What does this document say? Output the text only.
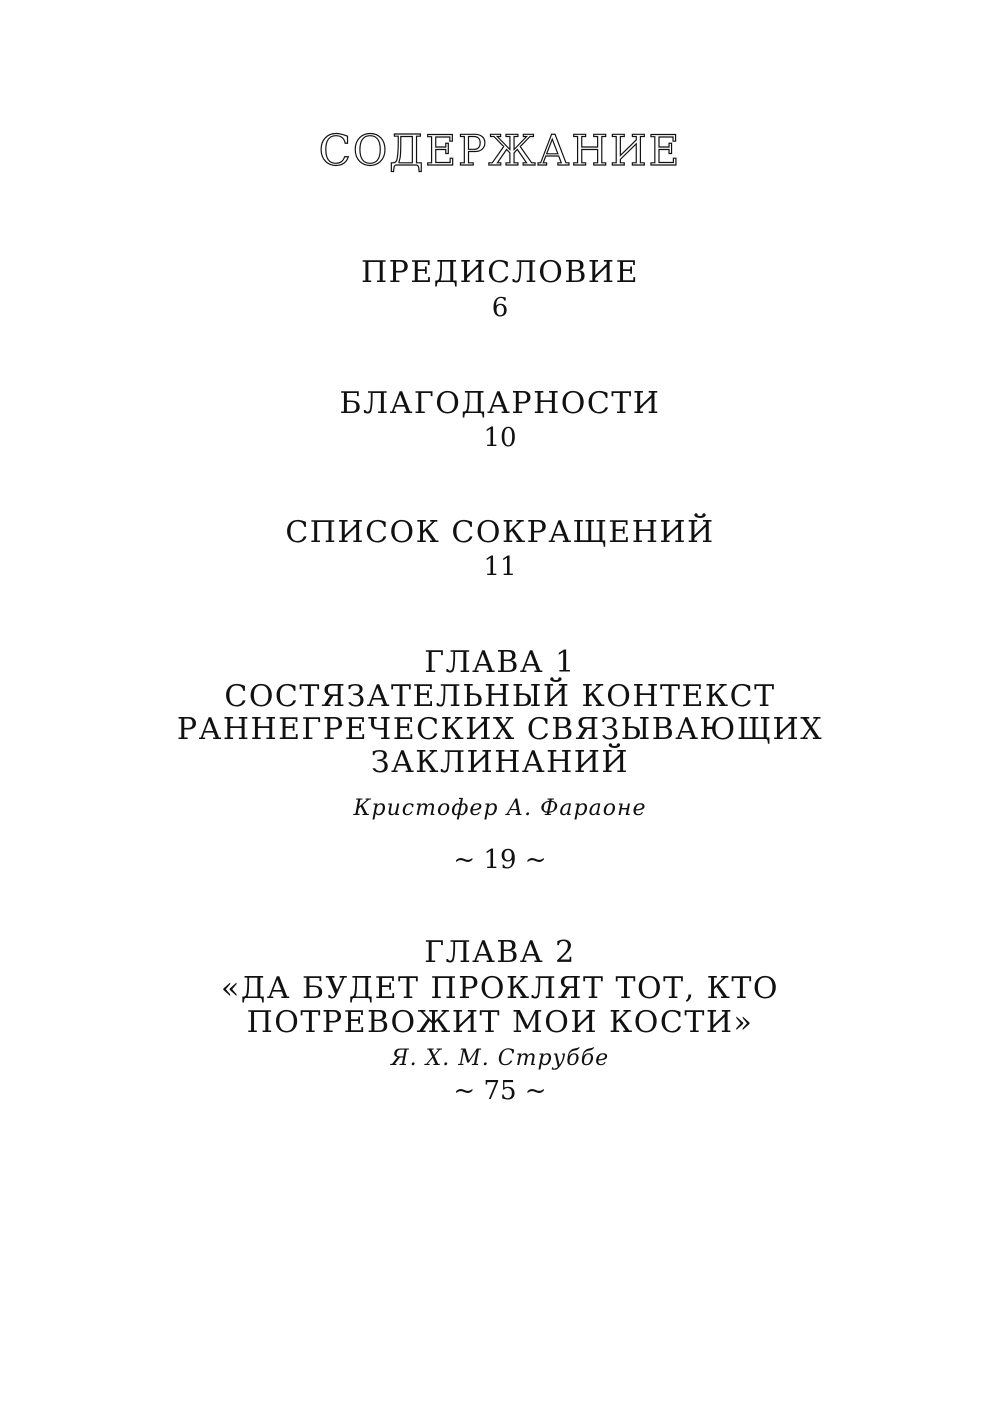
СОДЕРЖАНИЕ
ПРЕДИСЛОВИЕ
6
БЛАГОДАРНОСТИ
10
СПИСОК СОКРАЩЕНИЙ
11
ГЛАВА 1
СОСТЯЗАТЕЛЬНЫЙ КОНТЕКСТ
РАННЕГРЕЧЕСКИХ СВЯЗЫВАЮЩИХ
ЗАКЛИНАНИЙ
Кристофер А. Фараоне
~ 19 ~
ГЛАВА 2
«ДА БУДЕТ ПРОКЛЯТ ТОТ, КТО
ПОТРЕВОЖИТ МОИ КОСТИ»
Я. Х. М. Струббе
~ 75 ~
